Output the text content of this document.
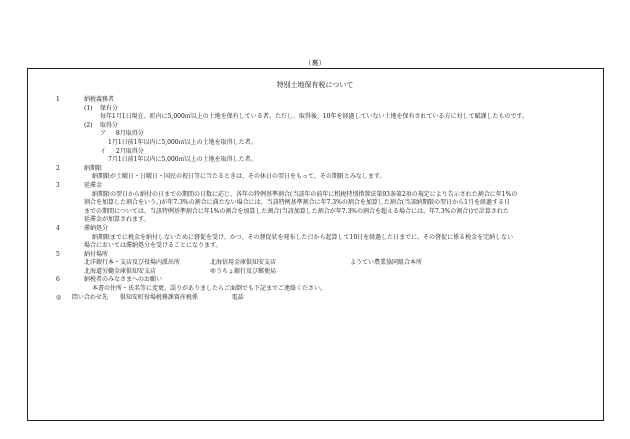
（裏）
特別土地保有税について
1	納税義務者
(1) 保有分
毎年1月1日現在、町内に5,000㎡以上の土地を保有している者。ただし、取得後、10年を経過していない土地を保有されている方に対して賦課したものです。
(2) 取得分
ア 8月取得分
1月1日前1年以内に5,000㎡以上の土地を取得した者。
イ 2月取得分
7月1日前1年以内に5,000㎡以上の土地を取得した者。
2	納期限
納期限が土曜日・日曜日・国民の祝日等に当たるときは、その休日の翌日をもって、その期限とみなします。
3	延滞金
納期限の翌日から納付の日までの期間の日数に応じ、各年の特例基準割合(当該年の前年に租税特別措置法第93条第2項の規定により告示された割合に年1%の
割合を加算した割合をいう。)が年7.3%の割合に満たない場合には、当該特例基準割合に年7.3%の割合を加算した割合(当該納期限の翌日から1月を経過する日
までの期間については、当該特例基準割合に年1%の割合を加算した割合(当該加算した割合が年7.3%の割合を超える場合には、年7.3%の割合))で計算された
延滞金が加算されます。
4	滞納処分
納期限までに税金を納付しないために督促を受け、かつ、その督促状を発布した日から起算して10日を経過した日までに、その督促に係る税金を完納しない
場合においては滞納処分を受けることになります。
5	納付場所
北洋銀行本・支店及び役場内派出所	北海信用金庫倶知安支店	ようてい農業協同組合本所
北海道労働金庫倶知安支店	ゆうちょ銀行及び郵便局
6	納税者のみなさまへのお願い
本書の住所・氏名等に変更、誤りがありましたらご面倒でも下記までご連絡ください。
◎ 問い合わせ先 倶知安町役場税務課資産税係	電話
